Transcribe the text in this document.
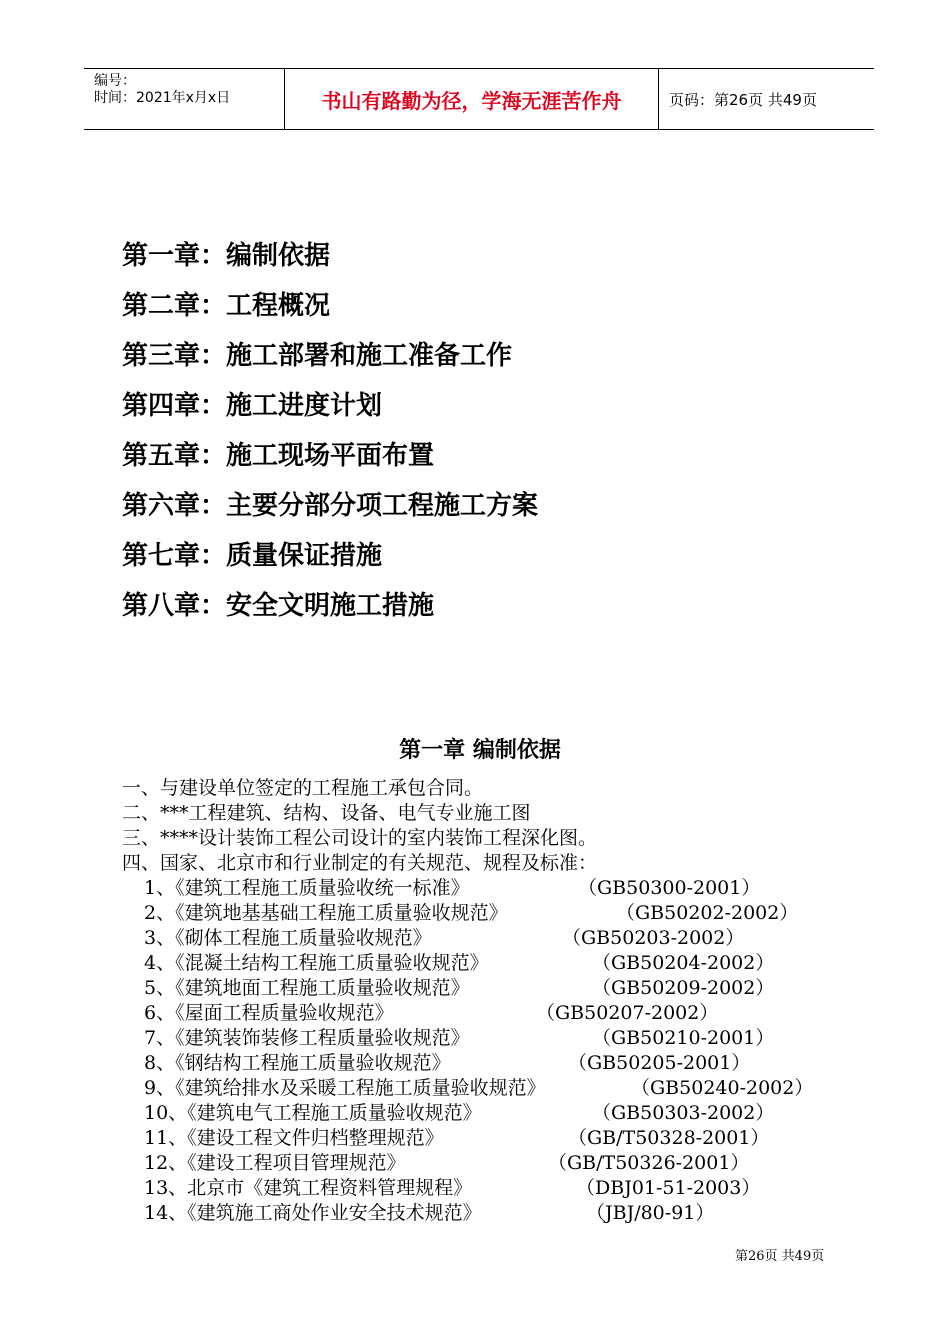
编号：
时间：2021年x月x日	书山有路勤为径，学海无涯苦作舟	页码：第26页 共49页
第一章：编制依据
第二章：工程概况
第三章：施工部署和施工准备工作
第四章：施工进度计划
第五章：施工现场平面布置
第六章：主要分部分项工程施工方案
第七章：质量保证措施
第八章：安全文明施工措施
第一章 编制依据
一、与建设单位签定的工程施工承包合同。
二、***工程建筑、结构、设备、电气专业施工图
三、****设计装饰工程公司设计的室内装饰工程深化图。
四、国家、北京市和行业制定的有关规范、规程及标准：
1、《建筑工程施工质量验收统一标准》	（GB50300-2001）
2、《建筑地基基础工程施工质量验收规范》	（GB50202-2002）
3、《砌体工程施工质量验收规范》	（GB50203-2002）
4、《混凝土结构工程施工质量验收规范》	（GB50204-2002）
5、《建筑地面工程施工质量验收规范》	（GB50209-2002）
6、《屋面工程质量验收规范》	（GB50207-2002）
7、《建筑装饰装修工程质量验收规范》	（GB50210-2001）
8、《钢结构工程施工质量验收规范》	（GB50205-2001）
9、《建筑给排水及采暖工程施工质量验收规范》	（GB50240-2002）
10、《建筑电气工程施工质量验收规范》	（GB50303-2002）
11、《建设工程文件归档整理规范》	（GB/T50328-2001）
12、《建设工程项目管理规范》	（GB/T50326-2001）
13、北京市《建筑工程资料管理规程》	（DBJ01-51-2003）
14、《建筑施工商处作业安全技术规范》	（JBJ/80-91）
第26页 共49页
